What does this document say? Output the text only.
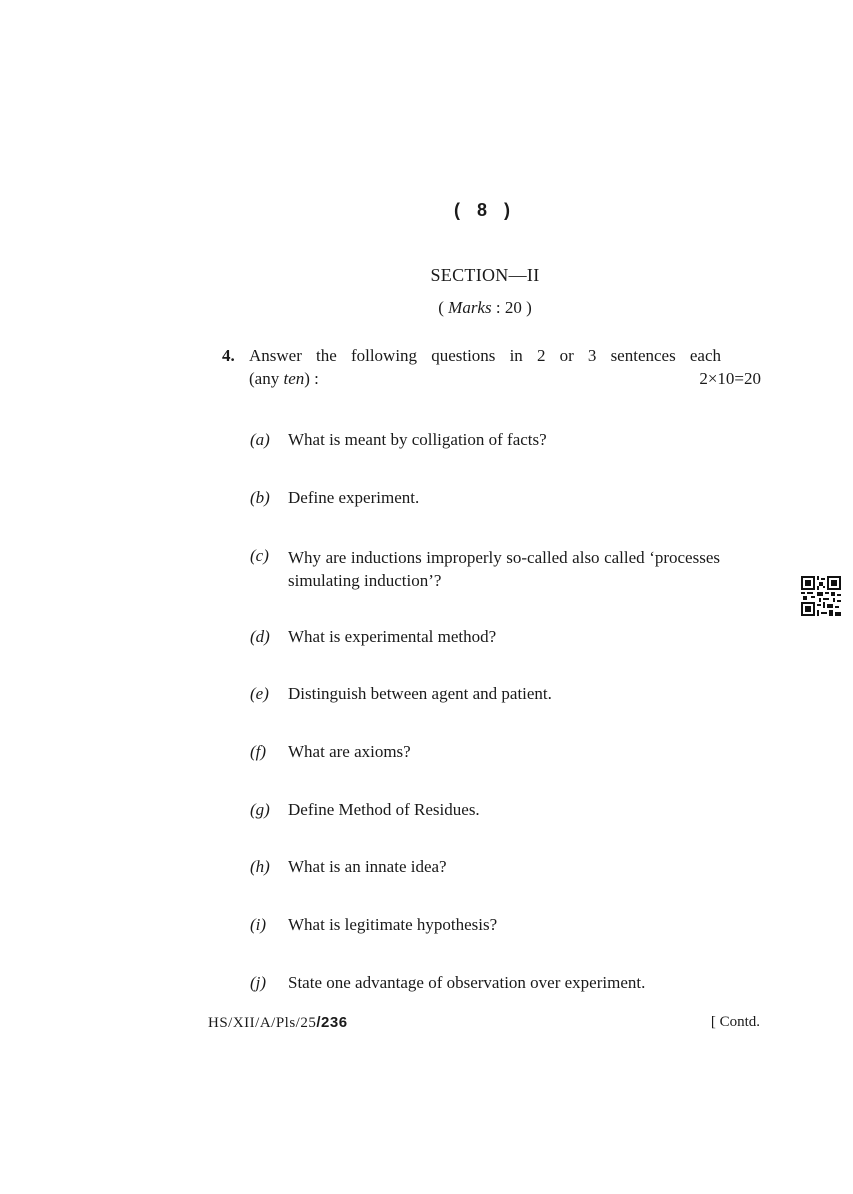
( 8 )
SECTION—II
( Marks : 20 )
4. Answer the following questions in 2 or 3 sentences each
(any ten) :	2×10=20
(a) What is meant by colligation of facts?
(b) Define experiment.
(c) Why are inductions improperly so-called also called ‘processes simulating induction’?
(d) What is experimental method?
(e) Distinguish between agent and patient.
(f) What are axioms?
(g) Define Method of Residues.
(h) What is an innate idea?
(i) What is legitimate hypothesis?
(j) State one advantage of observation over experiment.
HS/XII/A/Pls/25/236	[ Contd.
